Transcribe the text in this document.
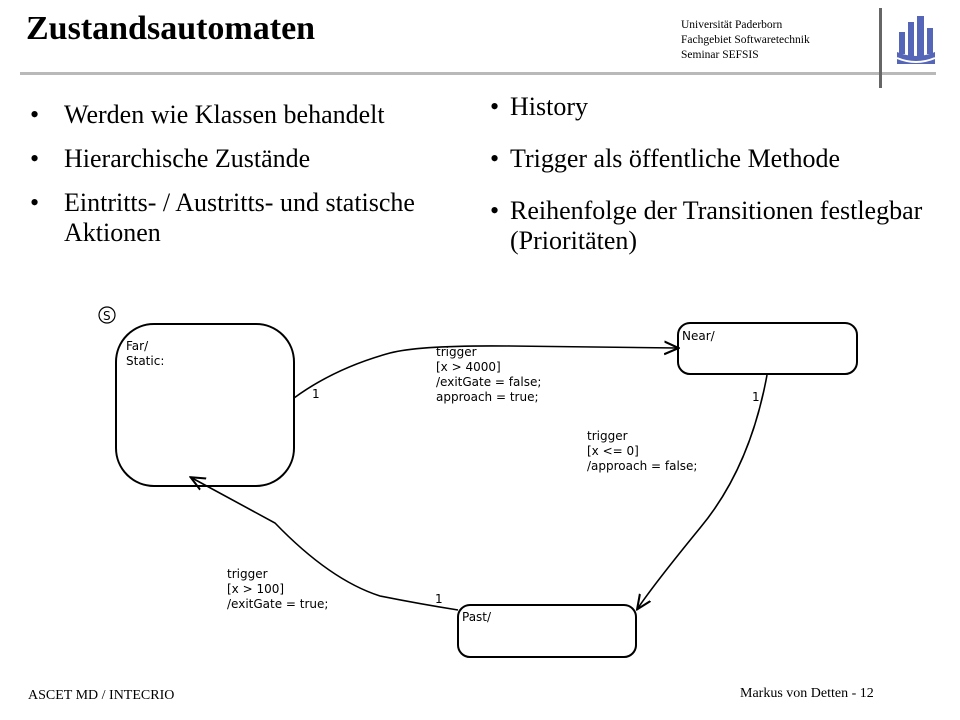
Zustandsautomaten	Universität Paderborn
Fachgebiet Softwaretechnik
Seminar SEFSIS
• Werden wie Klassen behandelt
• Hierarchische Zustände
• Eintritts- / Austritts- und statische Aktionen
• History
• Trigger als öffentliche Methode
• Reihenfolge der Transitionen festlegbar (Prioritäten)
S
Far/
Static:
Near/
Past/
1
trigger
[x > 4000]
/exitGate = false;
approach = true;	1
trigger
[x <= 0]
/approach = false;
1
trigger
[x > 100]
/exitGate = true;
ASCET MD / INTECRIO	Markus von Detten - 12
